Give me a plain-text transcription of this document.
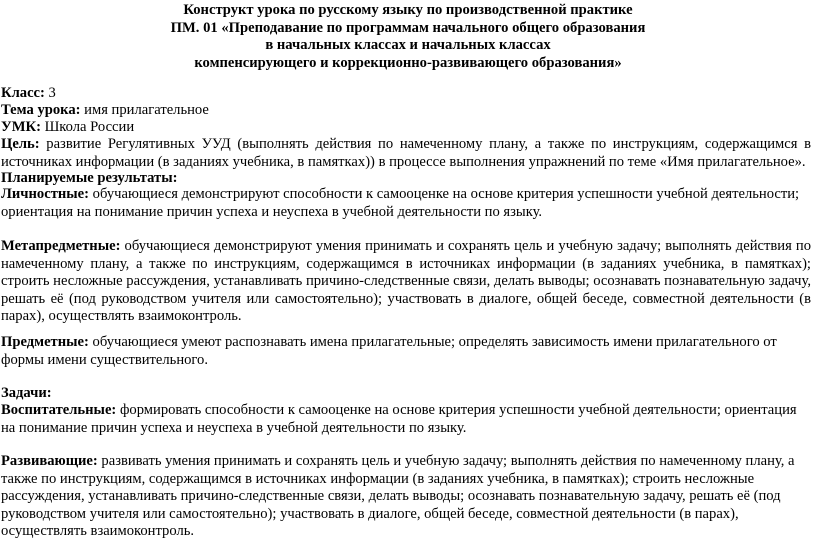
Конструкт урока по русскому языку по производственной практике
ПМ. 01 «Преподавание по программам начального общего образования
в начальных классах и начальных классах
компенсирующего и коррекционно-развивающего образования»
Класс: 3
Тема урока: имя прилагательное
УМК: Школа России
Цель: развитие Регулятивных УУД (выполнять действия по намеченному плану, а также по инструкциям, содержащимся в источниках информации (в заданиях учебника, в памятках)) в процессе выполнения упражнений по теме «Имя прилагательное».
Планируемые результаты:
Личностные: обучающиеся демонстрируют способности к самооценке на основе критерия успешности учебной деятельности; ориентация на понимание причин успеха и неуспеха в учебной деятельности по языку.
Метапредметные: обучающиеся демонстрируют умения принимать и сохранять цель и учебную задачу; выполнять действия по намеченному плану, а также по инструкциям, содержащимся в источниках информации (в заданиях учебника, в памятках); строить несложные рассуждения, устанавливать причино-следственные связи, делать выводы; осознавать познавательную задачу, решать её (под руководством учителя или самостоятельно); участвовать в диалоге, общей беседе, совместной деятельности (в парах), осуществлять взаимоконтроль.
Предметные: обучающиеся умеют распознавать имена прилагательные; определять зависимость имени прилагательного от формы имени существительного.
Задачи:
Воспитательные: формировать способности к самооценке на основе критерия успешности учебной деятельности; ориентация на понимание причин успеха и неуспеха в учебной деятельности по языку.
Развивающие: развивать умения принимать и сохранять цель и учебную задачу; выполнять действия по намеченному плану, а также по инструкциям, содержащимся в источниках информации (в заданиях учебника, в памятках); строить несложные рассуждения, устанавливать причино-следственные связи, делать выводы; осознавать познавательную задачу, решать её (под руководством учителя или самостоятельно); участвовать в диалоге, общей беседе, совместной деятельности (в парах), осуществлять взаимоконтроль.
